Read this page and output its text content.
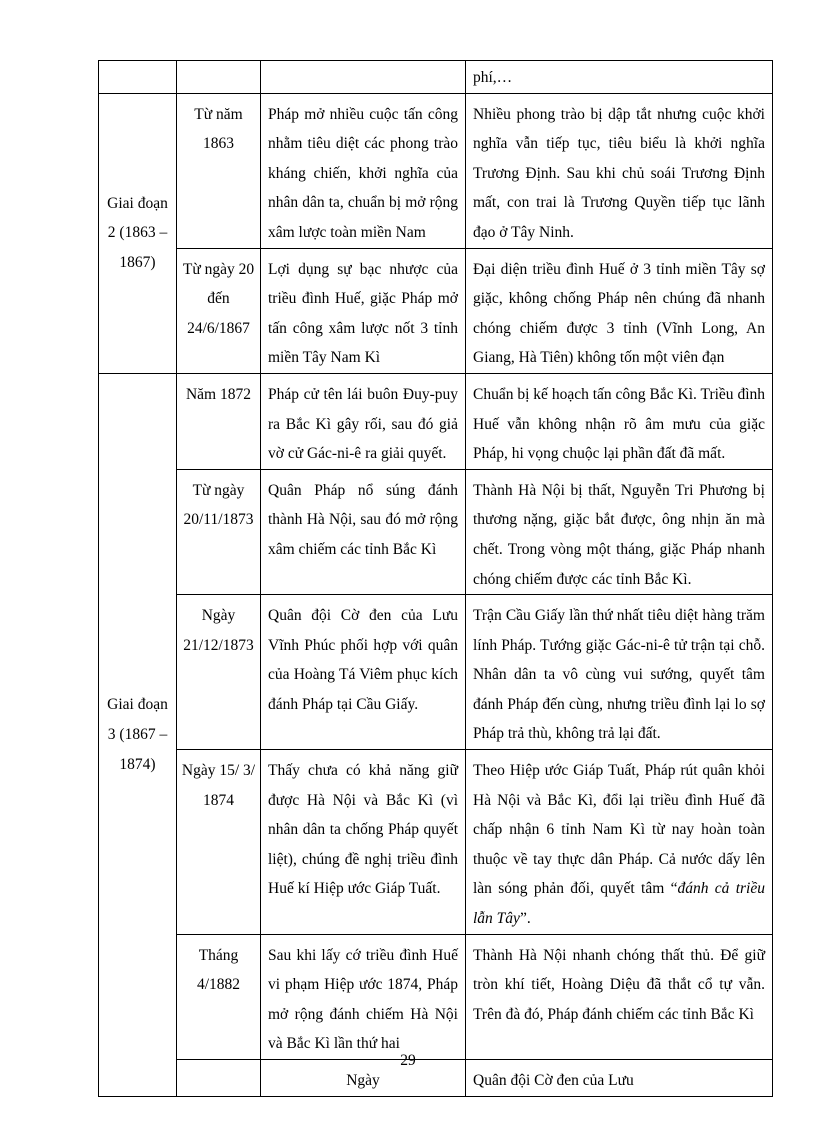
			phí,…	
Giai đoạn 2 (1863 – 1867)	Từ năm 1863	Pháp mở nhiều cuộc tấn công nhằm tiêu diệt các phong trào kháng chiến, khởi nghĩa của nhân dân ta, chuẩn bị mở rộng xâm lược toàn miền Nam	Nhiều phong trào bị dập tắt nhưng cuộc khởi nghĩa vẫn tiếp tục, tiêu biểu là khởi nghĩa Trương Định. Sau khi chủ soái Trương Định mất, con trai là Trương Quyền tiếp tục lãnh đạo ở Tây Ninh.	
	Từ ngày 20 đến 24/6/1867	Lợi dụng sự bạc nhược của triều đình Huế, giặc Pháp mở tấn công xâm lược nốt 3 tỉnh miền Tây Nam Kì	Đại diện triều đình Huế ở 3 tỉnh miền Tây sợ giặc, không chống Pháp nên chúng đã nhanh chóng chiếm được 3 tỉnh (Vĩnh Long, An Giang, Hà Tiên) không tốn một viên đạn	
Giai đoạn 3 (1867 – 1874)	Năm 1872	Pháp cử tên lái buôn Đuy-puy ra Bắc Kì gây rối, sau đó giả vờ cử Gác-ni-ê ra giải quyết.	Chuẩn bị kế hoạch tấn công Bắc Kì. Triều đình Huế vẫn không nhận rõ âm mưu của giặc Pháp, hi vọng chuộc lại phần đất đã mất.	
	Từ ngày 20/11/1873	Quân Pháp nổ súng đánh thành Hà Nội, sau đó mở rộng xâm chiếm các tỉnh Bắc Kì	Thành Hà Nội bị thất, Nguyễn Tri Phương bị thương nặng, giặc bắt được, ông nhịn ăn mà chết. Trong vòng một tháng, giặc Pháp nhanh chóng chiếm được các tỉnh Bắc Kì.	
	Ngày 21/12/1873	Quân đội Cờ đen của Lưu Vĩnh Phúc phối hợp với quân của Hoàng Tá Viêm phục kích đánh Pháp tại Cầu Giấy.	Trận Cầu Giấy lần thứ nhất tiêu diệt hàng trăm lính Pháp. Tướng giặc Gác-ni-ê tử trận tại chỗ. Nhân dân ta vô cùng vui sướng, quyết tâm đánh Pháp đến cùng, nhưng triều đình lại lo sợ Pháp trả thù, không trả lại đất.	
	Ngày 15/ 3/ 1874	Thấy chưa có khả năng giữ được Hà Nội và Bắc Kì (vì nhân dân ta chống Pháp quyết liệt), chúng đề nghị triều đình Huế kí Hiệp ước Giáp Tuất.	Theo Hiệp ước Giáp Tuất, Pháp rút quân khỏi Hà Nội và Bắc Kì, đổi lại triều đình Huế đã chấp nhận 6 tỉnh Nam Kì từ nay hoàn toàn thuộc về tay thực dân Pháp. Cả nước dấy lên làn sóng phản đối, quyết tâm “đánh cả triều lẫn Tây”.	
	Tháng 4/1882	Sau khi lấy cớ triều đình Huế vi phạm Hiệp ước 1874, Pháp mở rộng đánh chiếm Hà Nội và Bắc Kì lần thứ hai	Thành Hà Nội nhanh chóng thất thủ. Để giữ tròn khí tiết, Hoàng Diệu đã thắt cổ tự vẫn. Trên đà đó, Pháp đánh chiếm các tỉnh Bắc Kì	
		Ngày	Quân đội Cờ đen của Lưu	
29
